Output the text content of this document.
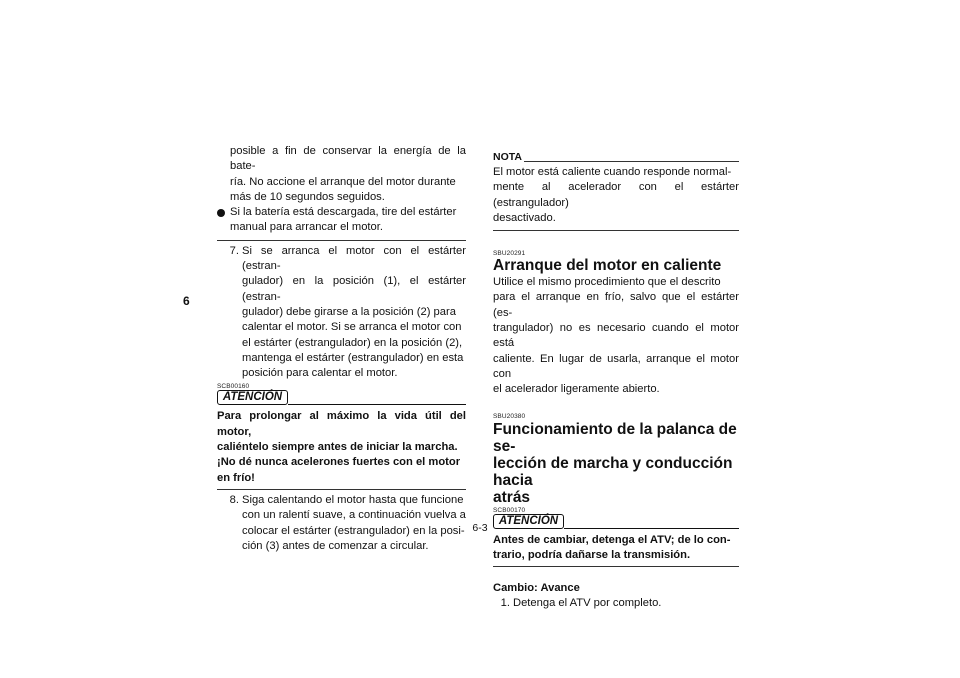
6
posible a fin de conservar la energía de la bate-
ría. No accione el arranque del motor durante
más de 10 segundos seguidos.
Si la batería está descargada, tire del estárter
manual para arrancar el motor.
7. Si se arranca el motor con el estárter (estran-
gulador) en la posición (1), el estárter (estran-
gulador) debe girarse a la posición (2) para
calentar el motor. Si se arranca el motor con
el estárter (estrangulador) en la posición (2),
mantenga el estárter (estrangulador) en esta
posición para calentar el motor.
SCB00160
ATENCIÓN
Para prolongar al máximo la vida útil del motor,
caliéntelo siempre antes de iniciar la marcha.
¡No dé nunca acelerones fuertes con el motor
en frío!
8. Siga calentando el motor hasta que funcione
con un ralentí suave, a continuación vuelva a
colocar el estárter (estrangulador) en la posi-
ción (3) antes de comenzar a circular.
NOTA
El motor está caliente cuando responde normal-
mente al acelerador con el estárter (estrangulador)
desactivado.
SBU20291
Arranque del motor en caliente
Utilice el mismo procedimiento que el descrito
para el arranque en frío, salvo que el estárter (es-
trangulador) no es necesario cuando el motor está
caliente. En lugar de usarla, arranque el motor con
el acelerador ligeramente abierto.
SBU20380
Funcionamiento de la palanca de se-
lección de marcha y conducción hacia
atrás
SCB00170
ATENCIÓN
Antes de cambiar, detenga el ATV; de lo con-
trario, podría dañarse la transmisión.
Cambio: Avance
1. Detenga el ATV por completo.
6-3
